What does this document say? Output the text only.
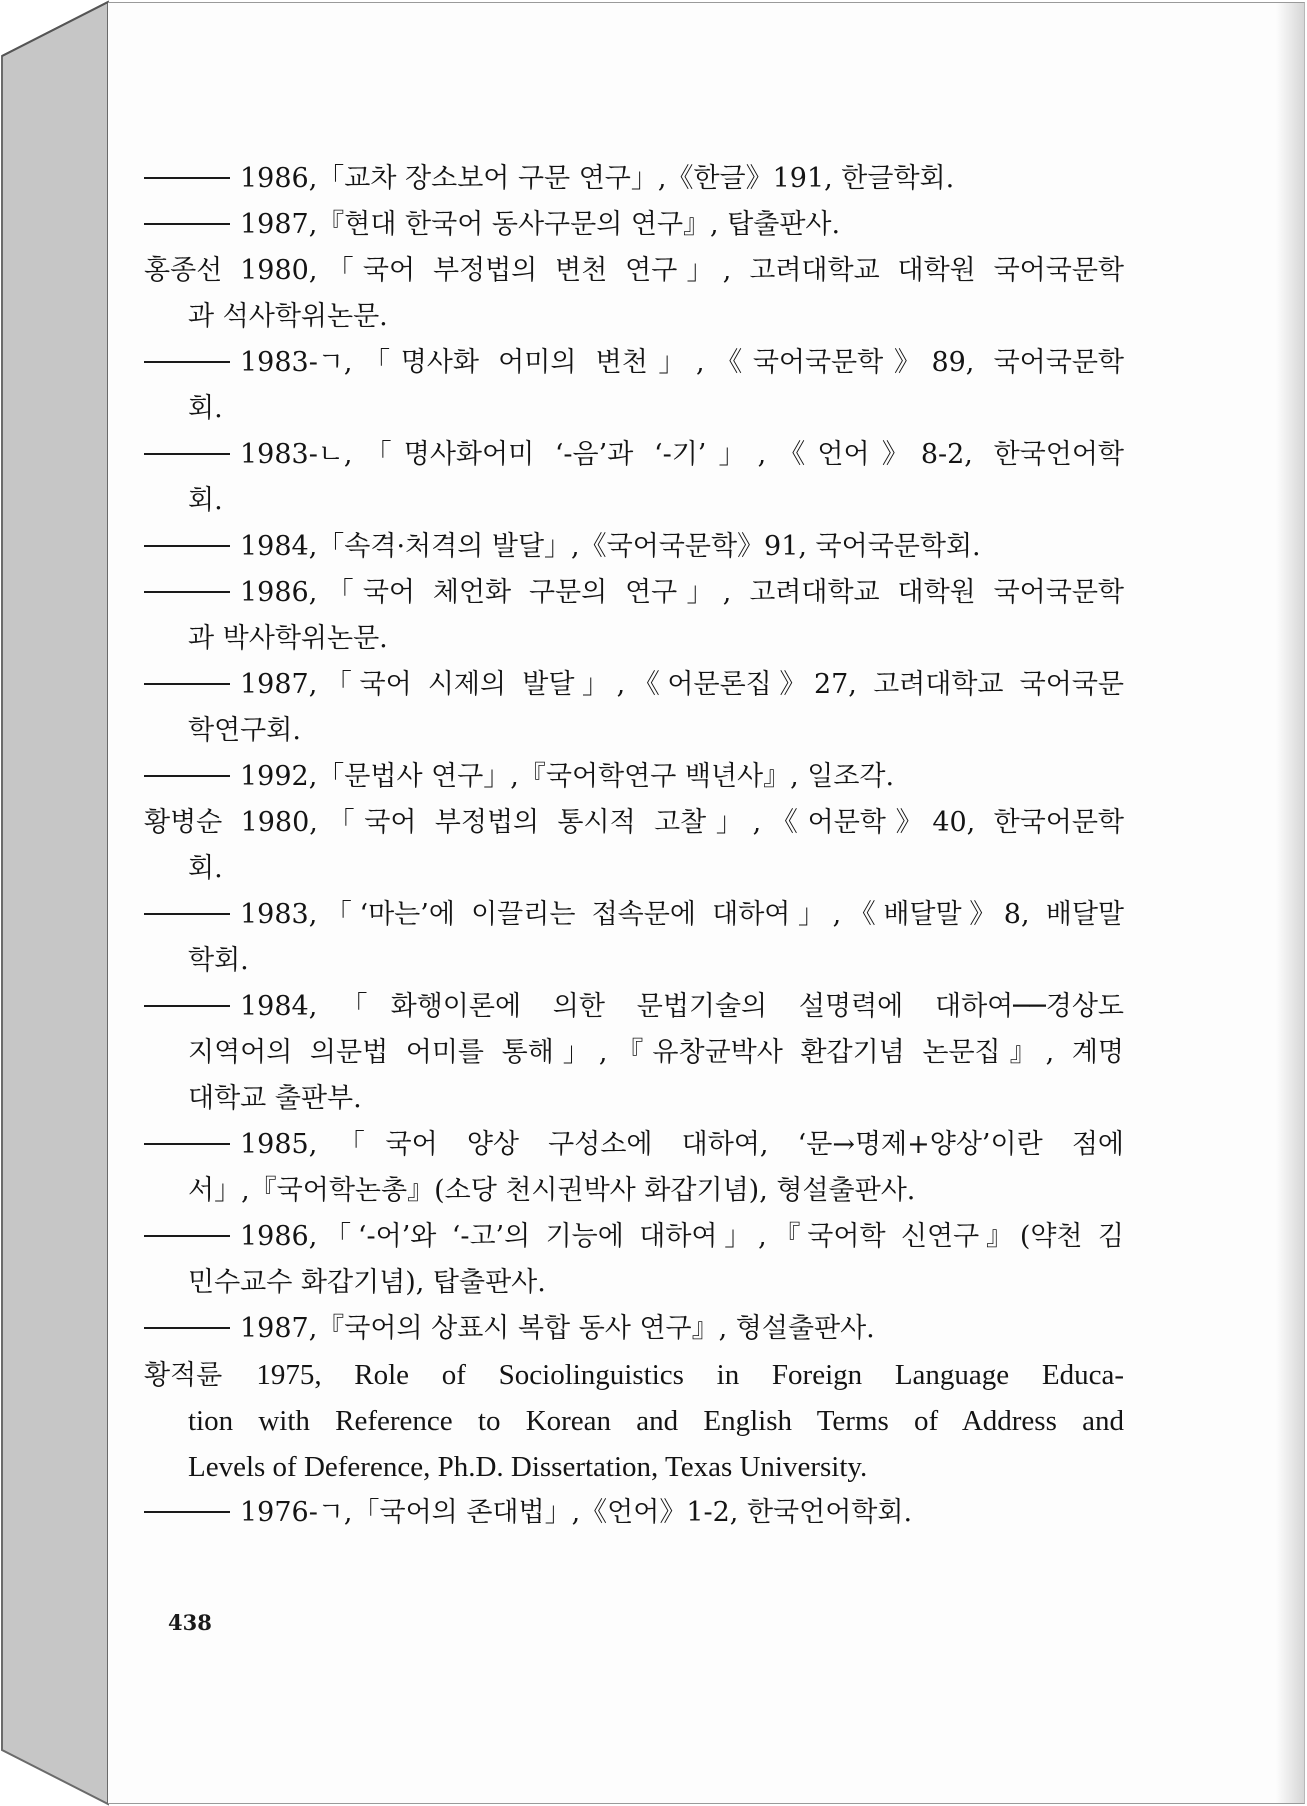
1986,「교차 장소보어 구문 연구」,《한글》191, 한글학회.
1987,『현대 한국어 동사구문의 연구』, 탑출판사.
홍종선 1980,「국어 부정법의 변천 연구」, 고려대학교 대학원 국어국문학
과 석사학위논문.
1983-ㄱ,「명사화 어미의 변천」,《국어국문학》89, 국어국문학
회.
1983-ㄴ,「명사화어미 ‘-음’과 ‘-기’」,《언어》8-2, 한국언어학
회.
1984,「속격·처격의 발달」,《국어국문학》91, 국어국문학회.
1986,「국어 체언화 구문의 연구」, 고려대학교 대학원 국어국문학
과 박사학위논문.
1987,「국어 시제의 발달」,《어문론집》27, 고려대학교 국어국문
학연구회.
1992,「문법사 연구」,『국어학연구 백년사』, 일조각.
황병순 1980,「국어 부정법의 통시적 고찰」,《어문학》40, 한국어문학
회.
1983,「‘마는’에 이끌리는 접속문에 대하여」,《배달말》8, 배달말
학회.
1984,「화행이론에 의한 문법기술의 설명력에 대하여──경상도
지역어의 의문법 어미를 통해」,『유창균박사 환갑기념 논문집』, 계명
대학교 출판부.
1985,「국어 양상 구성소에 대하여, ‘문→명제+양상’이란 점에
서」,『국어학논총』(소당 천시권박사 화갑기념), 형설출판사.
1986,「‘-어’와 ‘-고’의 기능에 대하여」,『국어학 신연구』(약천 김
민수교수 화갑기념), 탑출판사.
1987,『국어의 상표시 복합 동사 연구』, 형설출판사.
황적륜 1975, Role of Sociolinguistics in Foreign Language Educa-
tion with Reference to Korean and English Terms of Address and
Levels of Deference, Ph.D. Dissertation, Texas University.
1976-ㄱ,「국어의 존대법」,《언어》1-2, 한국언어학회.
438
